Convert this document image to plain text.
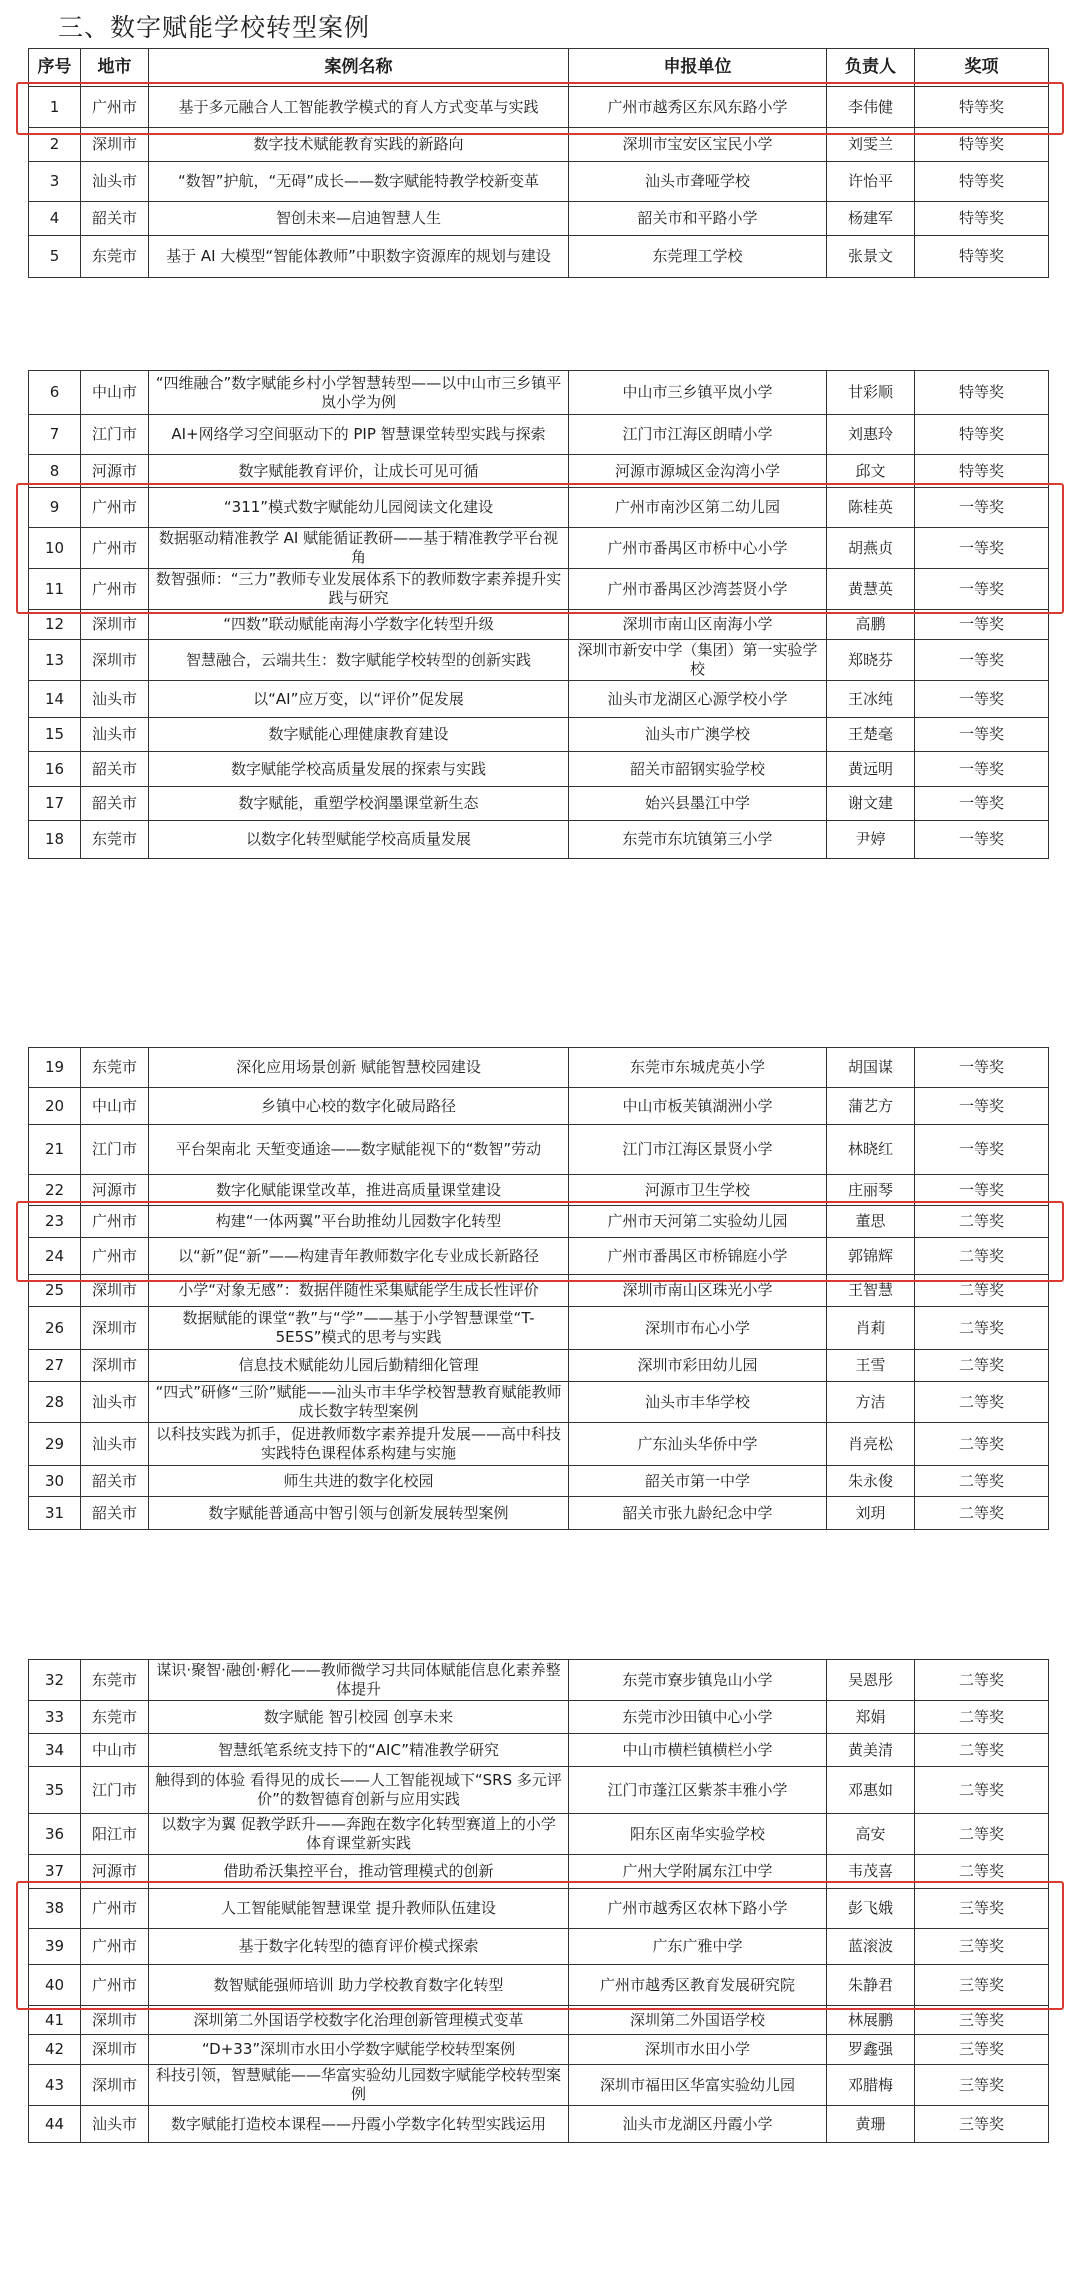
三、数字赋能学校转型案例
序号	地市	案例名称	申报单位	负责人	奖项
1	广州市	基于多元融合人工智能教学模式的育人方式变革与实践	广州市越秀区东风东路小学	李伟健	特等奖
2	深圳市	数字技术赋能教育实践的新路向	深圳市宝安区宝民小学	刘雯兰	特等奖
3	汕头市	“数智”护航，“无碍”成长——数字赋能特教学校新变革	汕头市聋哑学校	许怡平	特等奖
4	韶关市	智创未来—启迪智慧人生	韶关市和平路小学	杨建军	特等奖
5	东莞市	基于 AI 大模型“智能体教师”中职数字资源库的规划与建设	东莞理工学校	张景文	特等奖
6	中山市	“四维融合”数字赋能乡村小学智慧转型——以中山市三乡镇平岚小学为例	中山市三乡镇平岚小学	甘彩顺	特等奖
7	江门市	AI+网络学习空间驱动下的 PIP 智慧课堂转型实践与探索	江门市江海区朗晴小学	刘惠玲	特等奖
8	河源市	数字赋能教育评价，让成长可见可循	河源市源城区金沟湾小学	邱文	特等奖
9	广州市	“311”模式数字赋能幼儿园阅读文化建设	广州市南沙区第二幼儿园	陈桂英	一等奖
10	广州市	数据驱动精准教学 AI 赋能循证教研——基于精准教学平台视角	广州市番禺区市桥中心小学	胡燕贞	一等奖
11	广州市	数智强师：“三力”教师专业发展体系下的教师数字素养提升实践与研究	广州市番禺区沙湾荟贤小学	黄慧英	一等奖
12	深圳市	“四数”联动赋能南海小学数字化转型升级	深圳市南山区南海小学	高鹏	一等奖
13	深圳市	智慧融合，云端共生：数字赋能学校转型的创新实践	深圳市新安中学（集团）第一实验学校	郑晓芬	一等奖
14	汕头市	以“AI”应万变，以“评价”促发展	汕头市龙湖区心源学校小学	王冰纯	一等奖
15	汕头市	数字赋能心理健康教育建设	汕头市广澳学校	王楚毫	一等奖
16	韶关市	数字赋能学校高质量发展的探索与实践	韶关市韶钢实验学校	黄远明	一等奖
17	韶关市	数字赋能，重塑学校润墨课堂新生态	始兴县墨江中学	谢文建	一等奖
18	东莞市	以数字化转型赋能学校高质量发展	东莞市东坑镇第三小学	尹婷	一等奖
19	东莞市	深化应用场景创新 赋能智慧校园建设	东莞市东城虎英小学	胡国谋	一等奖
20	中山市	乡镇中心校的数字化破局路径	中山市板芙镇湖洲小学	蒲艺方	一等奖
21	江门市	平台架南北 天堑变通途——数字赋能视下的“数智”劳动	江门市江海区景贤小学	林晓红	一等奖
22	河源市	数字化赋能课堂改革，推进高质量课堂建设	河源市卫生学校	庄丽琴	一等奖
23	广州市	构建“一体两翼”平台助推幼儿园数字化转型	广州市天河第二实验幼儿园	董思	二等奖
24	广州市	以“新”促“新”——构建青年教师数字化专业成长新路径	广州市番禺区市桥锦庭小学	郭锦辉	二等奖
25	深圳市	小学“对象无感”：数据伴随性采集赋能学生成长性评价	深圳市南山区珠光小学	王智慧	二等奖
26	深圳市	数据赋能的课堂“教”与“学”——基于小学智慧课堂“T-5E5S”模式的思考与实践	深圳市布心小学	肖莉	二等奖
27	深圳市	信息技术赋能幼儿园后勤精细化管理	深圳市彩田幼儿园	王雪	二等奖
28	汕头市	“四式”研修“三阶”赋能——汕头市丰华学校智慧教育赋能教师成长数字转型案例	汕头市丰华学校	方洁	二等奖
29	汕头市	以科技实践为抓手，促进教师数字素养提升发展——高中科技实践特色课程体系构建与实施	广东汕头华侨中学	肖亮松	二等奖
30	韶关市	师生共进的数字化校园	韶关市第一中学	朱永俊	二等奖
31	韶关市	数字赋能普通高中智引领与创新发展转型案例	韶关市张九龄纪念中学	刘玥	二等奖
32	东莞市	谋识·聚智·融创·孵化——教师微学习共同体赋能信息化素养整体提升	东莞市寮步镇凫山小学	吴恩彤	二等奖
33	东莞市	数字赋能 智引校园 创享未来	东莞市沙田镇中心小学	郑娟	二等奖
34	中山市	智慧纸笔系统支持下的“AIC”精准教学研究	中山市横栏镇横栏小学	黄美清	二等奖
35	江门市	触得到的体验 看得见的成长——人工智能视域下“SRS 多元评价”的数智德育创新与应用实践	江门市蓬江区紫茶丰雅小学	邓惠如	二等奖
36	阳江市	以数字为翼 促教学跃升——奔跑在数字化转型赛道上的小学体育课堂新实践	阳东区南华实验学校	高安	二等奖
37	河源市	借助希沃集控平台，推动管理模式的创新	广州大学附属东江中学	韦茂喜	二等奖
38	广州市	人工智能赋能智慧课堂 提升教师队伍建设	广州市越秀区农林下路小学	彭飞娥	三等奖
39	广州市	基于数字化转型的德育评价模式探索	广东广雅中学	蓝滚波	三等奖
40	广州市	数智赋能强师培训 助力学校教育数字化转型	广州市越秀区教育发展研究院	朱静君	三等奖
41	深圳市	深圳第二外国语学校数字化治理创新管理模式变革	深圳第二外国语学校	林展鹏	三等奖
42	深圳市	“D+33”深圳市水田小学数字赋能学校转型案例	深圳市水田小学	罗鑫强	三等奖
43	深圳市	科技引领，智慧赋能——华富实验幼儿园数字赋能学校转型案例	深圳市福田区华富实验幼儿园	邓腊梅	三等奖
44	汕头市	数字赋能打造校本课程——丹霞小学数字化转型实践运用	汕头市龙湖区丹霞小学	黄珊	三等奖
